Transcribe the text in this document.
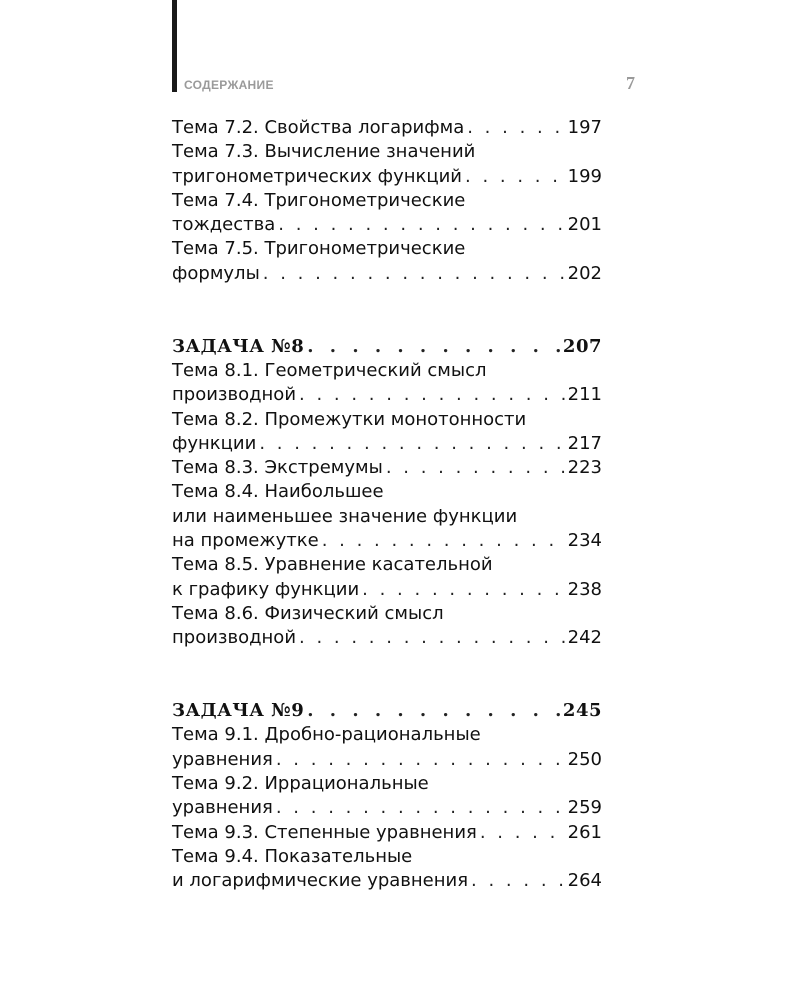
СОДЕРЖАНИЕ	7
Тема 7.2. Свойства логарифма . . .	197
Тема 7.3. Вычисление значений
тригонометрических функций . . .	199
Тема 7.4. Тригонометрические
тождества . . .	201
Тема 7.5. Тригонометрические
формулы . . .	202
ЗАДАЧА №8 . . .	207
Тема 8.1. Геометрический смысл
производной . . .	211
Тема 8.2. Промежутки монотонности
функции . . .	217
Тема 8.3. Экстремумы . . .	223
Тема 8.4. Наибольшее
или наименьшее значение функции
на промежутке . . .	234
Тема 8.5. Уравнение касательной
к графику функции . . .	238
Тема 8.6. Физический смысл
производной . . .	242
ЗАДАЧА №9 . . .	245
Тема 9.1. Дробно-рациональные
уравнения . . .	250
Тема 9.2. Иррациональные
уравнения . . .	259
Тема 9.3. Степенные уравнения . . .	261
Тема 9.4. Показательные
и логарифмические уравнения . . .	264
